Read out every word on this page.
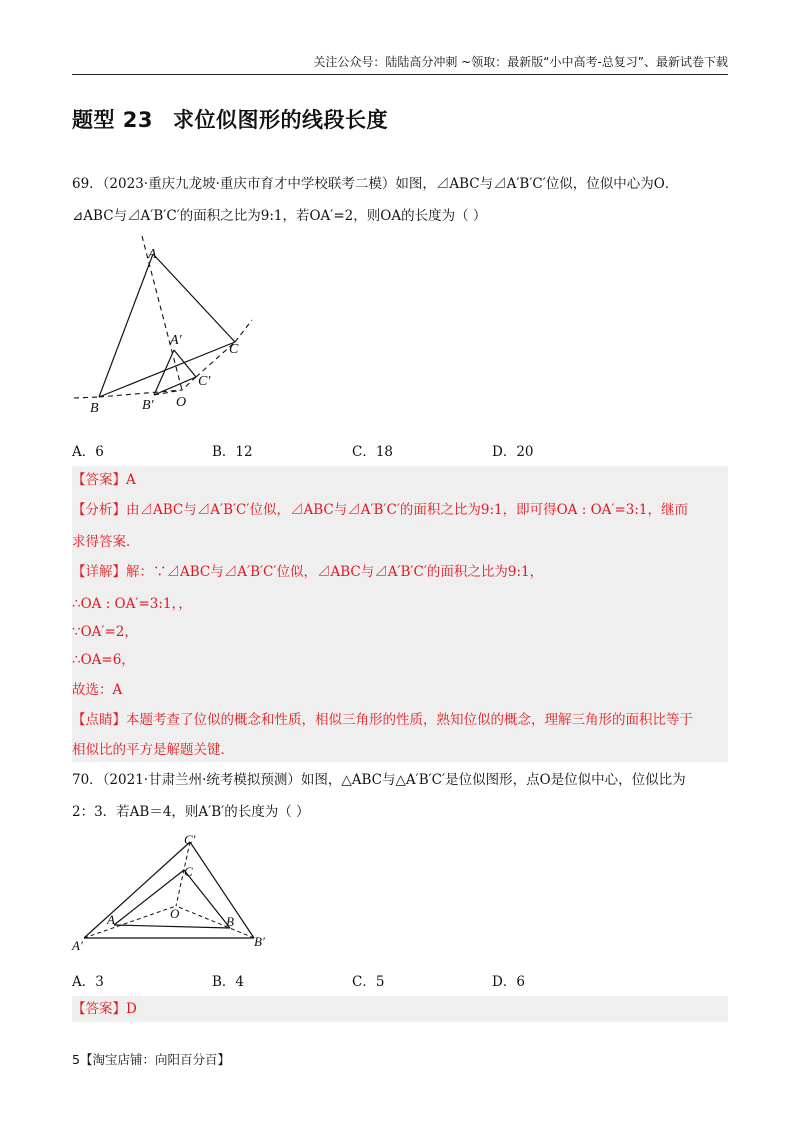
关注公众号：陆陆高分冲刺 ~领取：最新版“小中高考-总复习”、最新试卷下载
题型 23 求位似图形的线段长度
69．（2023·重庆九龙坡·重庆市育才中学校联考二模）如图，⊿ABC与⊿A′B′C′位似，位似中心为O．
⊿ABC与⊿A′B′C′的面积之比为9:1，若OA′=2，则OA的长度为（ ）
A
B
C
A′
B′
C′
O
A．6	B．12	C．18	D．20
【答案】A
【分析】由⊿ABC与⊿A′B′C′位似，⊿ABC与⊿A′B′C′的面积之比为9:1，即可得OA : OA′=3:1，继而
求得答案．
【详解】解：∵⊿ABC与⊿A′B′C′位似，⊿ABC与⊿A′B′C′的面积之比为9:1，
∴OA : OA′=3:1，，
∵OA′=2，
∴OA=6，
故选：A
【点睛】本题考查了位似的概念和性质，相似三角形的性质，熟知位似的概念，理解三角形的面积比等于
相似比的平方是解题关键．
70．（2021·甘肃兰州·统考模拟预测）如图，△ABC与△A′B′C′是位似图形，点O是位似中心，位似比为
2：3．若AB＝4，则A′B′的长度为（ ）
C′
C
A	O
B
A′	B′
A．3	B．4	C．5	D．6
【答案】D
5【淘宝店铺：向阳百分百】
